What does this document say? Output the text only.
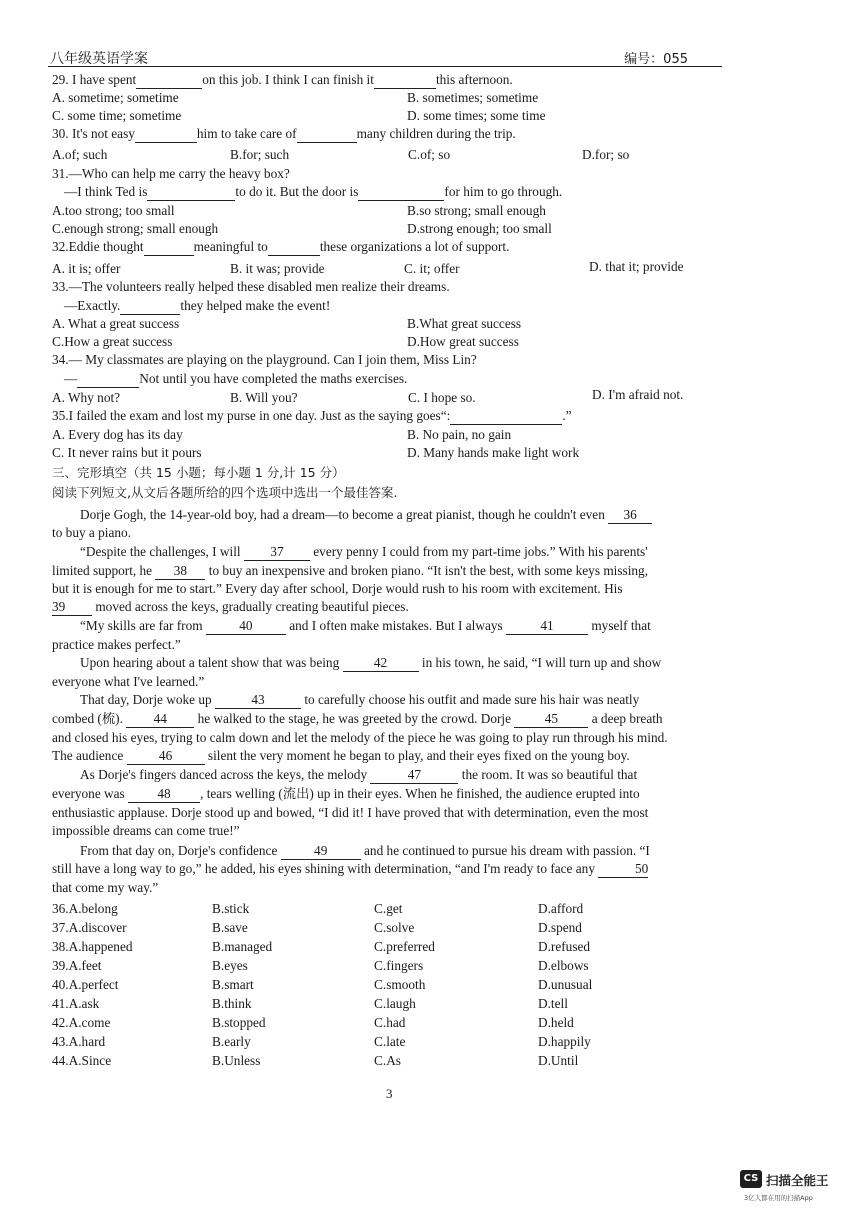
八年级英语学案	编号：055
29. I have spent	on this job. I think I can finish it	this afternoon.
A. sometime; sometime	B. sometimes; sometime
C. some time; sometime	D. some times; some time
30. It's not easy	him to take care of	many children during the trip.
A.of; such	B.for; such	C.of; so	D.for; so
31.—Who can help me carry the heavy box?
—I think Ted is	to do it. But the door is	for him to go through.
A.too strong; too small	B.so strong; small enough
C.enough strong; small enough	D.strong enough; too small
32.Eddie thought	meaningful to	these organizations a lot of support.
A. it is; offer	B. it was; provide	C. it; offer	D. that it; provide
33.—The volunteers really helped these disabled men realize their dreams.
—Exactly.	they helped make the event!
A. What a great success	B.What great success
C.How a great success	D.How great success
34.— My classmates are playing on the playground. Can I join them, Miss Lin?
—	Not until you have completed the maths exercises.
A. Why not?	B. Will you?	C. I hope so.	D. I'm afraid not.
35.I failed the exam and lost my purse in one day. Just as the saying goes“:	.”
A. Every dog has its day	B. No pain, no gain
C. It never rains but it pours	D. Many hands make light work
三、完形填空（共 15 小题；每小题 1 分,计 15 分）
阅读下列短文,从文后各题所给的四个选项中选出一个最佳答案.
Dorje Gogh, the 14-year-old boy, had a dream—to become a great pianist, though he couldn't even 36
to buy a piano.
“Despite the challenges, I will 37 every penny I could from my part-time jobs.” With his parents'
limited support, he 38 to buy an inexpensive and broken piano. “It isn't the best, with some keys missing,
but it is enough for me to start.” Every day after school, Dorje would rush to his room with excitement. His
39 moved across the keys, gradually creating beautiful pieces.
“My skills are far from	40	and I often make mistakes. But I always	41	myself that
practice makes perfect.”
Upon hearing about a talent show that was being	42	in his town, he said, “I will turn up and show
everyone what I've learned.”
That day, Dorje woke up	43	to carefully choose his outfit and made sure his hair was neatly
combed (梳). 44 he walked to the stage, he was greeted by the crowd. Dorje	45	a deep breath
and closed his eyes, trying to calm down and let the melody of the piece he was going to play run through his mind.
The audience	46	silent the very moment he began to play, and their eyes fixed on the young boy.
As Dorje's fingers danced across the keys, the melody	47	the room. It was so beautiful that
everyone was 48 , tears welling (流出) up in their eyes. When he finished, the audience erupted into
enthusiastic applause. Dorje stood up and bowed, “I did it! I have proved that with determination, even the most
impossible dreams can come true!”
From that day on, Dorje's confidence	49	and he continued to pursue his dream with passion. “I
still have a long way to go,” he added, his eyes shining with determination, “and I'm ready to face any	50
that come my way.”
36.A.belong	B.stick	C.get	D.afford
37.A.discover	B.save	C.solve	D.spend
38.A.happened	B.managed	C.preferred	D.refused
39.A.feet	B.eyes	C.fingers	D.elbows
40.A.perfect	B.smart	C.smooth	D.unusual
41.A.ask	B.think	C.laugh	D.tell
42.A.come	B.stopped	C.had	D.held
43.A.hard	B.early	C.late	D.happily
44.A.Since	B.Unless	C.As	D.Until
3
CS 扫描全能王
3亿人都在用的扫描App
